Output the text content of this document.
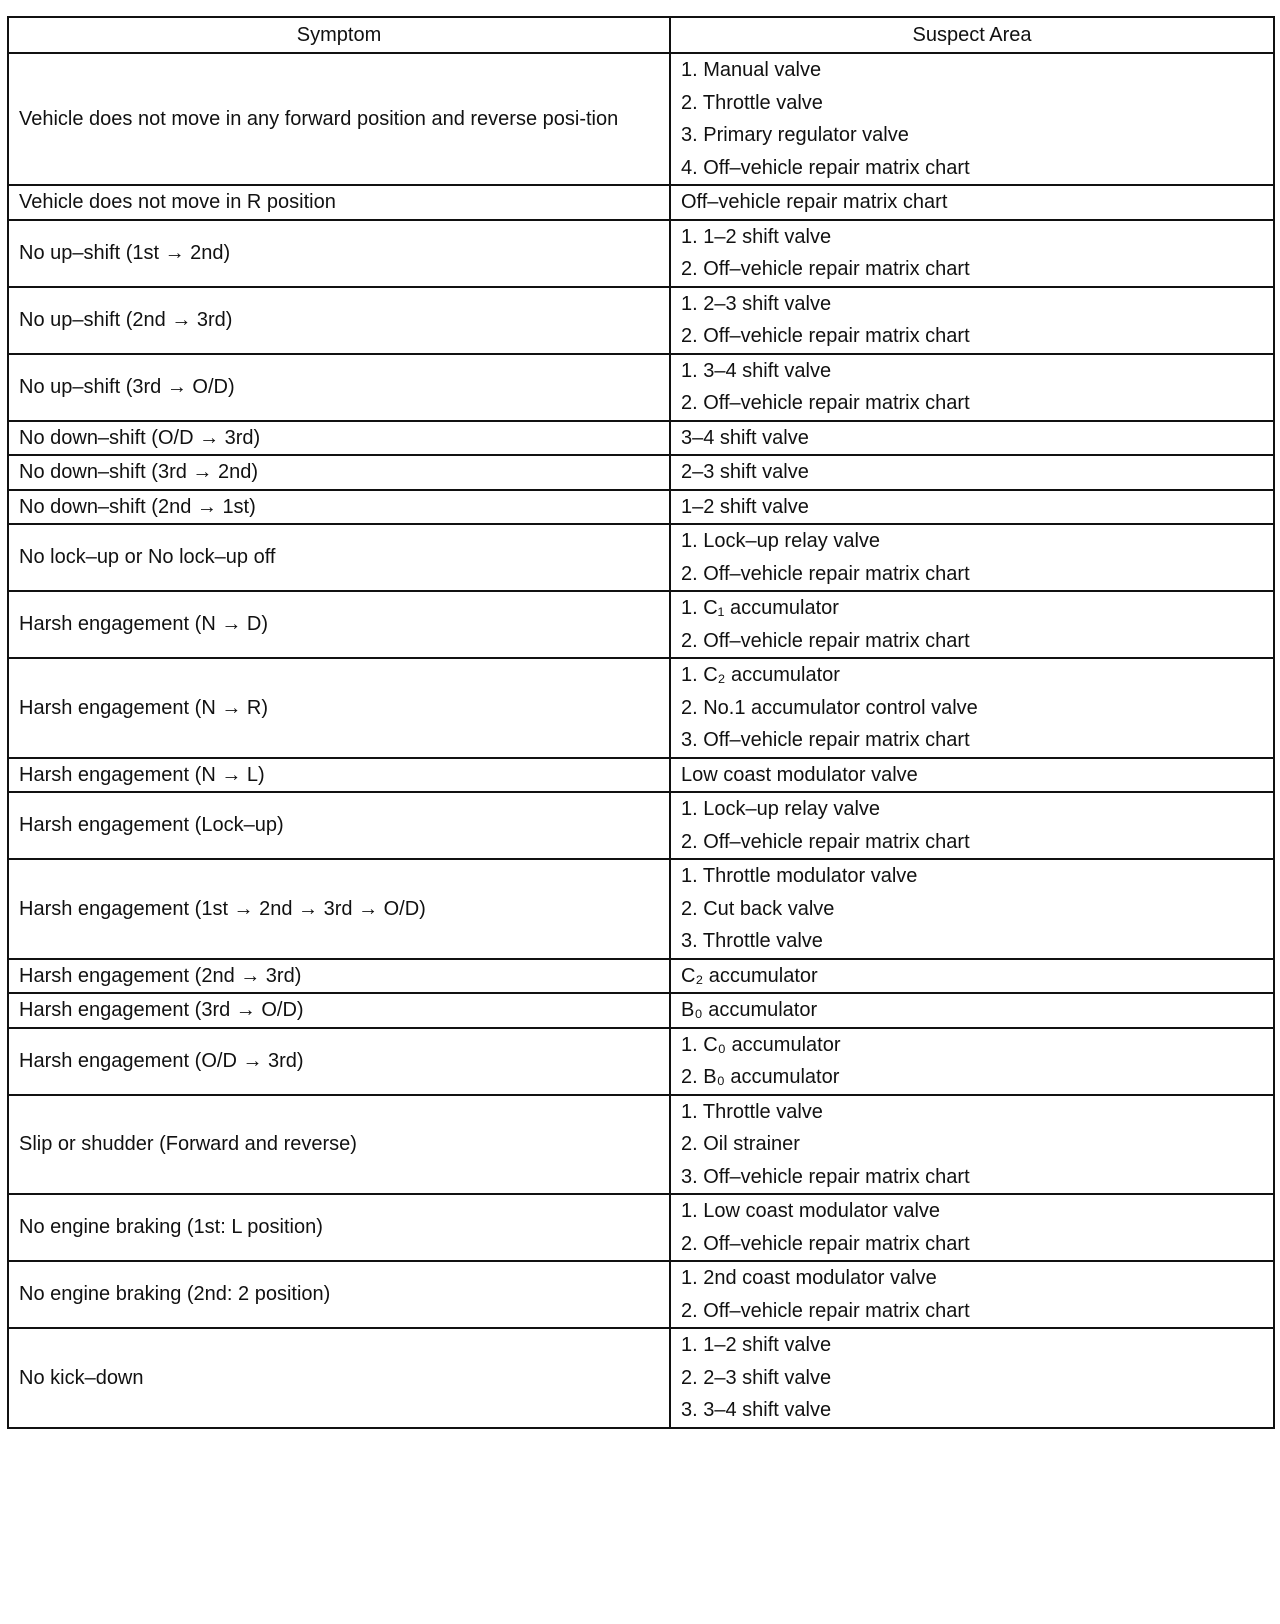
Symptom	Suspect Area
Vehicle does not move in any forward position and reverse posi-tion	1. Manual valve
2. Throttle valve
3. Primary regulator valve
4. Off–vehicle repair matrix chart

Vehicle does not move in R position	Off–vehicle repair matrix chart

No up–shift (1st → 2nd)	1. 1–2 shift valve
2. Off–vehicle repair matrix chart

No up–shift (2nd → 3rd)	1. 2–3 shift valve
2. Off–vehicle repair matrix chart

No up–shift (3rd → O/D)	1. 3–4 shift valve
2. Off–vehicle repair matrix chart

No down–shift (O/D → 3rd)	3–4 shift valve

No down–shift (3rd → 2nd)	2–3 shift valve

No down–shift (2nd → 1st)	1–2 shift valve

No lock–up or No lock–up off	1. Lock–up relay valve
2. Off–vehicle repair matrix chart

Harsh engagement (N → D)	1. C₁ accumulator
2. Off–vehicle repair matrix chart

Harsh engagement (N → R)	1. C₂ accumulator
2. No.1 accumulator control valve
3. Off–vehicle repair matrix chart

Harsh engagement (N → L)	Low coast modulator valve

Harsh engagement (Lock–up)	1. Lock–up relay valve
2. Off–vehicle repair matrix chart

Harsh engagement (1st → 2nd → 3rd → O/D)	1. Throttle modulator valve
2. Cut back valve
3. Throttle valve

Harsh engagement (2nd → 3rd)	C₂ accumulator

Harsh engagement (3rd → O/D)	B₀ accumulator

Harsh engagement (O/D → 3rd)	1. C₀ accumulator
2. B₀ accumulator

Slip or shudder (Forward and reverse)	1. Throttle valve
2. Oil strainer
3. Off–vehicle repair matrix chart

No engine braking (1st: L position)	1. Low coast modulator valve
2. Off–vehicle repair matrix chart

No engine braking (2nd: 2 position)	1. 2nd coast modulator valve
2. Off–vehicle repair matrix chart

No kick–down	1. 1–2 shift valve
2. 2–3 shift valve
3. 3–4 shift valve
